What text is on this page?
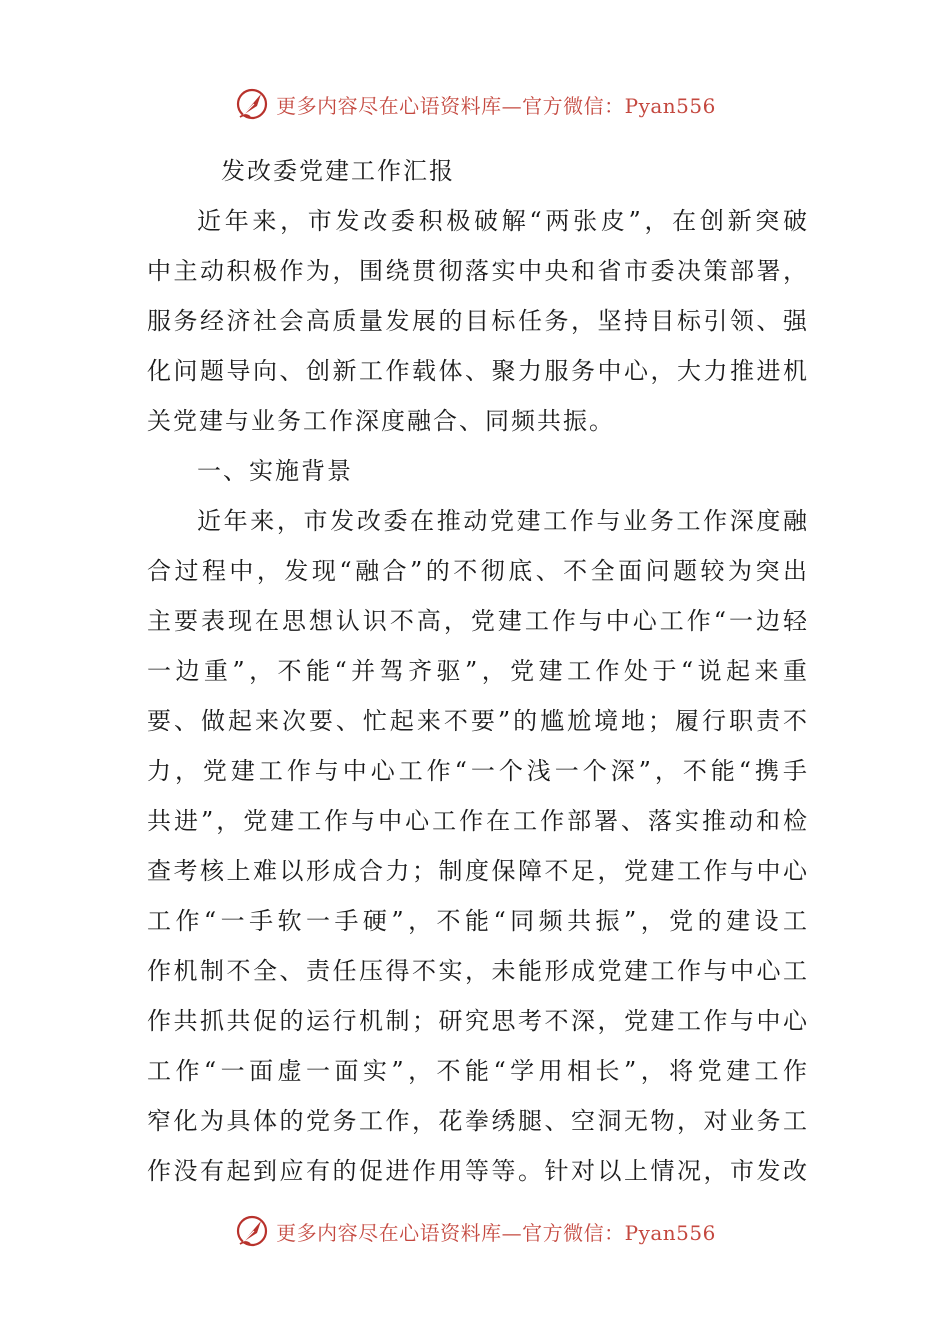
更多内容尽在心语资料库—官方微信：Pyan556
发改委党建工作汇报
近年来，市发改委积极破解“两张皮”，在创新突破
中主动积极作为，围绕贯彻落实中央和省市委决策部署，
服务经济社会高质量发展的目标任务，坚持目标引领、强
化问题导向、创新工作载体、聚力服务中心，大力推进机
关党建与业务工作深度融合、同频共振。
一、实施背景
近年来，市发改委在推动党建工作与业务工作深度融
合过程中，发现“融合”的不彻底、不全面问题较为突出
主要表现在思想认识不高，党建工作与中心工作“一边轻
一边重”，不能“并驾齐驱”，党建工作处于“说起来重
要、做起来次要、忙起来不要”的尴尬境地；履行职责不
力，党建工作与中心工作“一个浅一个深”，不能“携手
共进”，党建工作与中心工作在工作部署、落实推动和检
查考核上难以形成合力；制度保障不足，党建工作与中心
工作“一手软一手硬”，不能“同频共振”，党的建设工
作机制不全、责任压得不实，未能形成党建工作与中心工
作共抓共促的运行机制；研究思考不深，党建工作与中心
工作“一面虚一面实”，不能“学用相长”，将党建工作
窄化为具体的党务工作，花拳绣腿、空洞无物，对业务工
作没有起到应有的促进作用等等。针对以上情况，市发改
更多内容尽在心语资料库—官方微信：Pyan556
